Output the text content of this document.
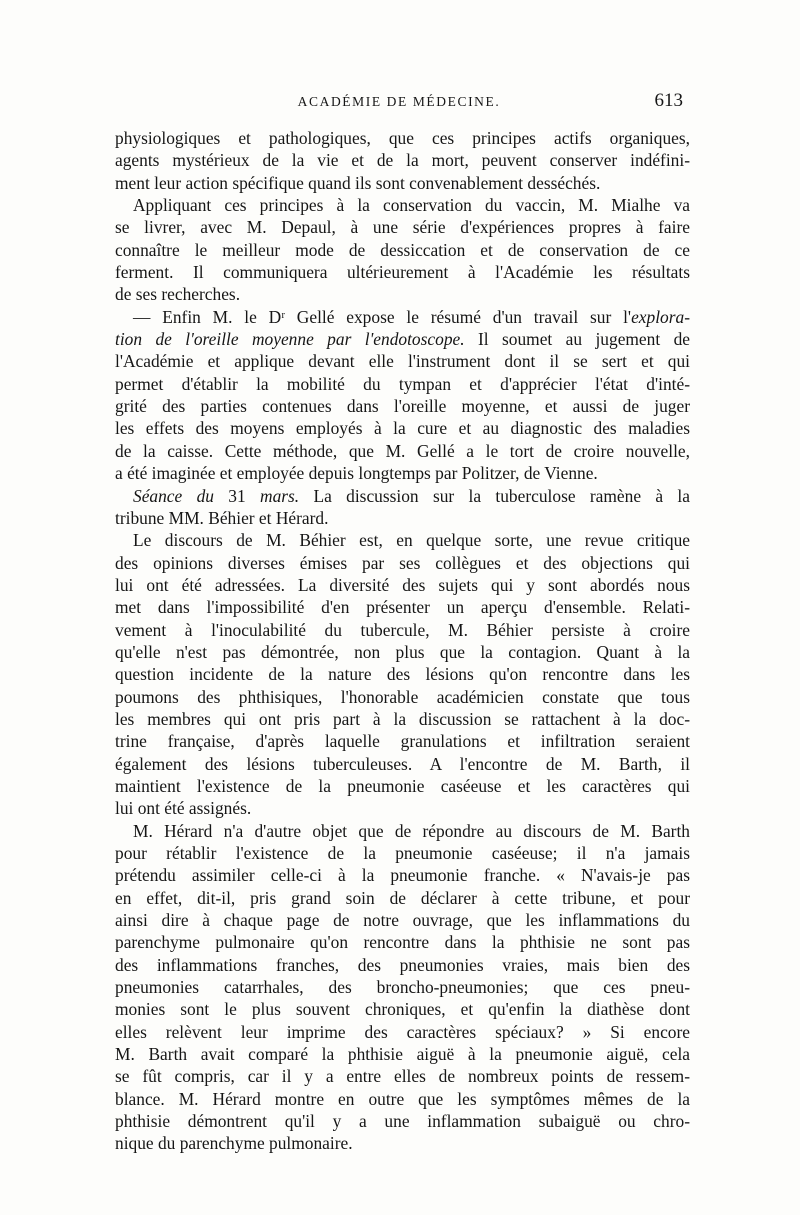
ACADÉMIE DE MÉDECINE.	613
physiologiques et pathologiques, que ces principes actifs organiques,
agents mystérieux de la vie et de la mort, peuvent conserver indéfini-
ment leur action spécifique quand ils sont convenablement desséchés.
Appliquant ces principes à la conservation du vaccin, M. Mialhe va
se livrer, avec M. Depaul, à une série d'expériences propres à faire
connaître le meilleur mode de dessiccation et de conservation de ce
ferment. Il communiquera ultérieurement à l'Académie les résultats
de ses recherches.
— Enfin M. le Dʳ Gellé expose le résumé d'un travail sur l'explora-
tion de l'oreille moyenne par l'endotoscope. Il soumet au jugement de
l'Académie et applique devant elle l'instrument dont il se sert et qui
permet d'établir la mobilité du tympan et d'apprécier l'état d'inté-
grité des parties contenues dans l'oreille moyenne, et aussi de juger
les effets des moyens employés à la cure et au diagnostic des maladies
de la caisse. Cette méthode, que M. Gellé a le tort de croire nouvelle,
a été imaginée et employée depuis longtemps par Politzer, de Vienne.
Séance du 31 mars. La discussion sur la tuberculose ramène à la
tribune MM. Béhier et Hérard.
Le discours de M. Béhier est, en quelque sorte, une revue critique
des opinions diverses émises par ses collègues et des objections qui
lui ont été adressées. La diversité des sujets qui y sont abordés nous
met dans l'impossibilité d'en présenter un aperçu d'ensemble. Relati-
vement à l'inoculabilité du tubercule, M. Béhier persiste à croire
qu'elle n'est pas démontrée, non plus que la contagion. Quant à la
question incidente de la nature des lésions qu'on rencontre dans les
poumons des phthisiques, l'honorable académicien constate que tous
les membres qui ont pris part à la discussion se rattachent à la doc-
trine française, d'après laquelle granulations et infiltration seraient
également des lésions tuberculeuses. A l'encontre de M. Barth, il
maintient l'existence de la pneumonie caséeuse et les caractères qui
lui ont été assignés.
M. Hérard n'a d'autre objet que de répondre au discours de M. Barth
pour rétablir l'existence de la pneumonie caséeuse; il n'a jamais
prétendu assimiler celle-ci à la pneumonie franche. « N'avais-je pas
en effet, dit-il, pris grand soin de déclarer à cette tribune, et pour
ainsi dire à chaque page de notre ouvrage, que les inflammations du
parenchyme pulmonaire qu'on rencontre dans la phthisie ne sont pas
des inflammations franches, des pneumonies vraies, mais bien des
pneumonies catarrhales, des broncho-pneumonies; que ces pneu-
monies sont le plus souvent chroniques, et qu'enfin la diathèse dont
elles relèvent leur imprime des caractères spéciaux? » Si encore
M. Barth avait comparé la phthisie aiguë à la pneumonie aiguë, cela
se fût compris, car il y a entre elles de nombreux points de ressem-
blance. M. Hérard montre en outre que les symptômes mêmes de la
phthisie démontrent qu'il y a une inflammation subaiguë ou chro-
nique du parenchyme pulmonaire.
